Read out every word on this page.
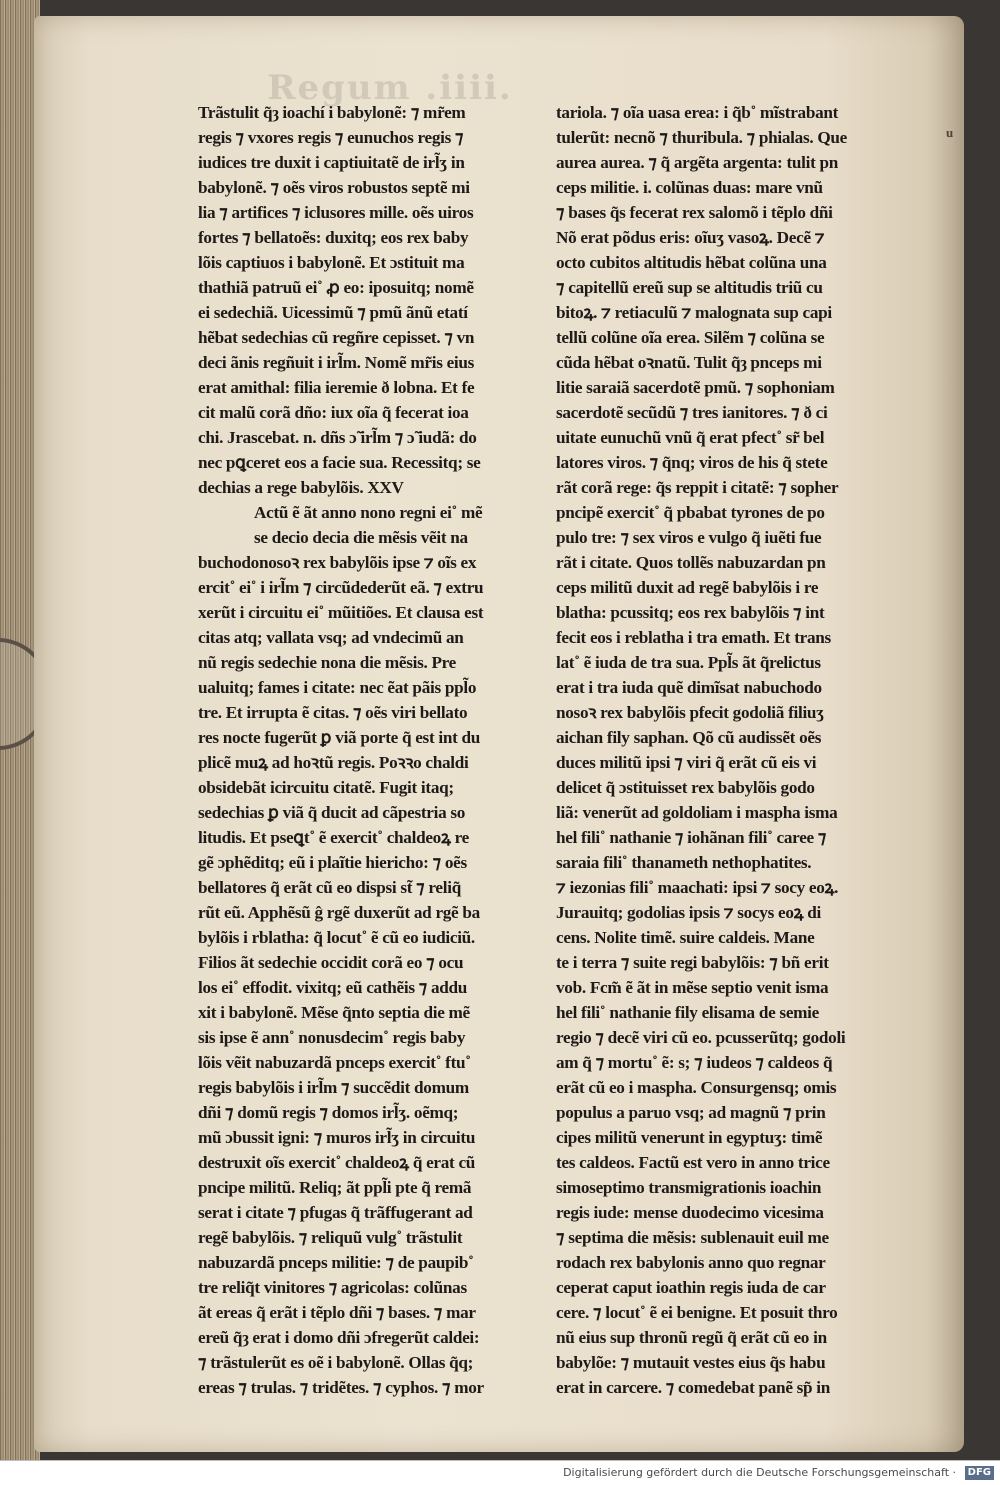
Regum .iiii.
Trãstulit q̃ȝ ioachí i babylonẽ: ⁊ mr̃em
regis ⁊ vxores regis ⁊ eunuchos regis ⁊
iudices tre duxit i captiuitatẽ de irl̃ʒ in
babylonẽ. ⁊ oẽs viros robustos septẽ mi
lia ⁊ artifices ⁊ iclusores mille. oẽs uiros
fortes ⁊ bellatoẽs: duxitq; eos rex baby
lõis captiuos i babylonẽ. Et ɔstituit ma
thathiã patruũ ei˚ ꝓ eo: iposuitq; nomẽ
ei sedechiã. Uicessimũ ⁊ pmũ ãnũ etatí
hẽbat sedechias cũ regñre cepisset. ⁊ vn
deci ãnis regñuit i irl̃m. Nomẽ mr̃is eius
erat amithal: filia ieremie ð lobna. Et fe
cit malũ corã dño: iux oĩa q̃ fecerat ioa
chi. Jrascebat. n. dñs ɔ̃ irl̃m ⁊ ɔ̃ iudã: do
nec pꝗceret eos a facie sua. Recessitq; se
dechias a rege babylõis. XXV
Actũ ẽ ãt anno nono regni ei˚ mẽ
se decio decia die mẽsis vẽit na
buchodonosoꝛ rex babylõis ipse ⁊ oĩs ex
ercit˚ ei˚ i irl̃m ⁊ circũdederũt eã. ⁊ extru
xerũt i circuitu ei˚ mũitiões. Et clausa est
citas atq; vallata vsq; ad vndecimũ an
nũ regis sedechie nona die mẽsis. Pre
ualuitq; fames i citate: nec ẽat pãis ppl̃o
tre. Et irrupta ẽ citas. ⁊ oẽs viri bellato
res nocte fugerũt ꝑ viã porte q̃ est int du
plicẽ muꝝ ad hoꝛtũ regis. Poꝛꝛo chaldi
obsidebãt icircuitu citatẽ. Fugit itaq;
sedechias ꝑ viã q̃ ducit ad cãpestria so
litudis. Et pseꝗt˚ ẽ exercit˚ chaldeoꝝ re
gẽ ɔphẽditq; eũ i plaĩtie hiericho: ⁊ oẽs
bellatores q̃ erãt cũ eo dispsi st̃ ⁊ reliq̃
rũt eũ. Apphẽsũ ĝ rgẽ duxerũt ad rgẽ ba
bylõis i rblatha: q̃ locut˚ ẽ cũ eo iudiciũ.
Filios ãt sedechie occidit corã eo ⁊ ocu
los ei˚ effodit. vixitq; eũ cathẽis ⁊ addu
xit i babylonẽ. Mẽse q̃nto septia die mẽ
sis ipse ẽ ann˚ nonusdecim˚ regis baby
lõis vẽit nabuzardã pnceps exercit˚ ftu˚
regis babylõis i irl̃m ⁊ succẽdit domum
dñi ⁊ domũ regis ⁊ domos irl̃ʒ. oẽmq;
mũ ɔbussit igni: ⁊ muros irl̃ʒ in circuitu
destruxit oĩs exercit˚ chaldeoꝝ q̃ erat cũ
pncipe militũ. Reliq; ãt ppl̃i pte q̃ remã
serat i citate ⁊ pfugas q̃ trãffugerant ad
regẽ babylõis. ⁊ reliquũ vulg˚ trãstulit
nabuzardã pnceps militie: ⁊ de paupib˚
tre reliq̃t vinitores ⁊ agricolas: colũnas
ãt ereas q̃ erãt i tẽplo dñi ⁊ bases. ⁊ mar
ereũ q̃ȝ erat i domo dñi ɔfregerũt caldei:
⁊ trãstulerũt es oẽ i babylonẽ. Ollas q̃q;
ereas ⁊ trulas. ⁊ tridẽtes. ⁊ cyphos. ⁊ mor
tariola. ⁊ oĩa uasa erea: i q̃b˚ mĩstrabant
tulerũt: necnõ ⁊ thuribula. ⁊ phialas. Que
aurea aurea. ⁊ q̃ argẽta argenta: tulit pn
ceps militie. i. colũnas duas: mare vnũ
⁊ bases q̃s fecerat rex salomõ i tẽplo dñi
Nõ erat põdus eris: oĩuʒ vasoꝝ. Decẽ ⁊
octo cubitos altitudis hẽbat colũna una
⁊ capitellũ ereũ sup se altitudis triũ cu
bitoꝝ. ⁊ retiaculũ ⁊ malognata sup capi
tellũ colũne oĩa erea. Silẽm ⁊ colũna se
cũda hẽbat oꝛnatũ. Tulit q̃ȝ pnceps mi
litie saraiã sacerdotẽ pmũ. ⁊ sophoniam
sacerdotẽ secũdũ ⁊ tres ianitores. ⁊ ð ci
uitate eunuchũ vnũ q̃ erat pfect˚ sr̃ bel
latores viros. ⁊ q̃nq; viros de his q̃ stete
rãt corã rege: q̃s reppit i citatẽ: ⁊ sopher
pncipẽ exercit˚ q̃ pbabat tyrones de po
pulo tre: ⁊ sex viros e vulgo q̃ iuẽti fue
rãt i citate. Quos tollẽs nabuzardan pn
ceps militũ duxit ad regẽ babylõis i re
blatha: pcussitq; eos rex babylõis ⁊ int
fecit eos i reblatha i tra emath. Et trans
lat˚ ẽ iuda de tra sua. Ppl̃s ãt q̃relictus
erat i tra iuda quẽ dimĩsat nabuchodo
nosoꝛ rex babylõis pfecit godoliã filiuʒ
aichan fily saphan. Qõ cũ audissẽt oẽs
duces militũ ipsi ⁊ viri q̃ erãt cũ eis vi
delicet q̃ ɔstituisset rex babylõis godo
liã: venerũt ad goldoliam i maspha isma
hel fili˚ nathanie ⁊ iohãnan fili˚ caree ⁊
saraia fili˚ thanameth nethophatites.
⁊ iezonias fili˚ maachati: ipsi ⁊ socy eoꝝ.
Jurauitq; godolias ipsis ⁊ socys eoꝝ di
cens. Nolite timẽ. suire caldeis. Mane
te i terra ⁊ suite regi babylõis: ⁊ bñ erit
vob. Fcm̃ ẽ ãt in mẽse septio venit isma
hel fili˚ nathanie fily elisama de semie
regio ⁊ decẽ viri cũ eo. pcusserũtq; godoli
am q̃ ⁊ mortu˚ ẽ: s; ⁊ iudeos ⁊ caldeos q̃
erãt cũ eo i maspha. Consurgensq; omis
populus a paruo vsq; ad magnũ ⁊ prin
cipes militũ venerunt in egyptuʒ: timẽ
tes caldeos. Factũ est vero in anno trice
simoseptimo transmigrationis ioachin
regis iude: mense duodecimo vicesima
⁊ septima die mẽsis: sublenauit euil me
rodach rex babylonis anno quo regnar
ceperat caput ioathin regis iuda de car
cere. ⁊ locut˚ ẽ ei benigne. Et posuit thro
nũ eius sup thronũ regũ q̃ erãt cũ eo in
babylõe: ⁊ mutauit vestes eius q̃s habu
erat in carcere. ⁊ comedebat panẽ sp̃ in
u
Digitalisierung gefördert durch die Deutsche Forschungsgemeinschaft ·	DFG
